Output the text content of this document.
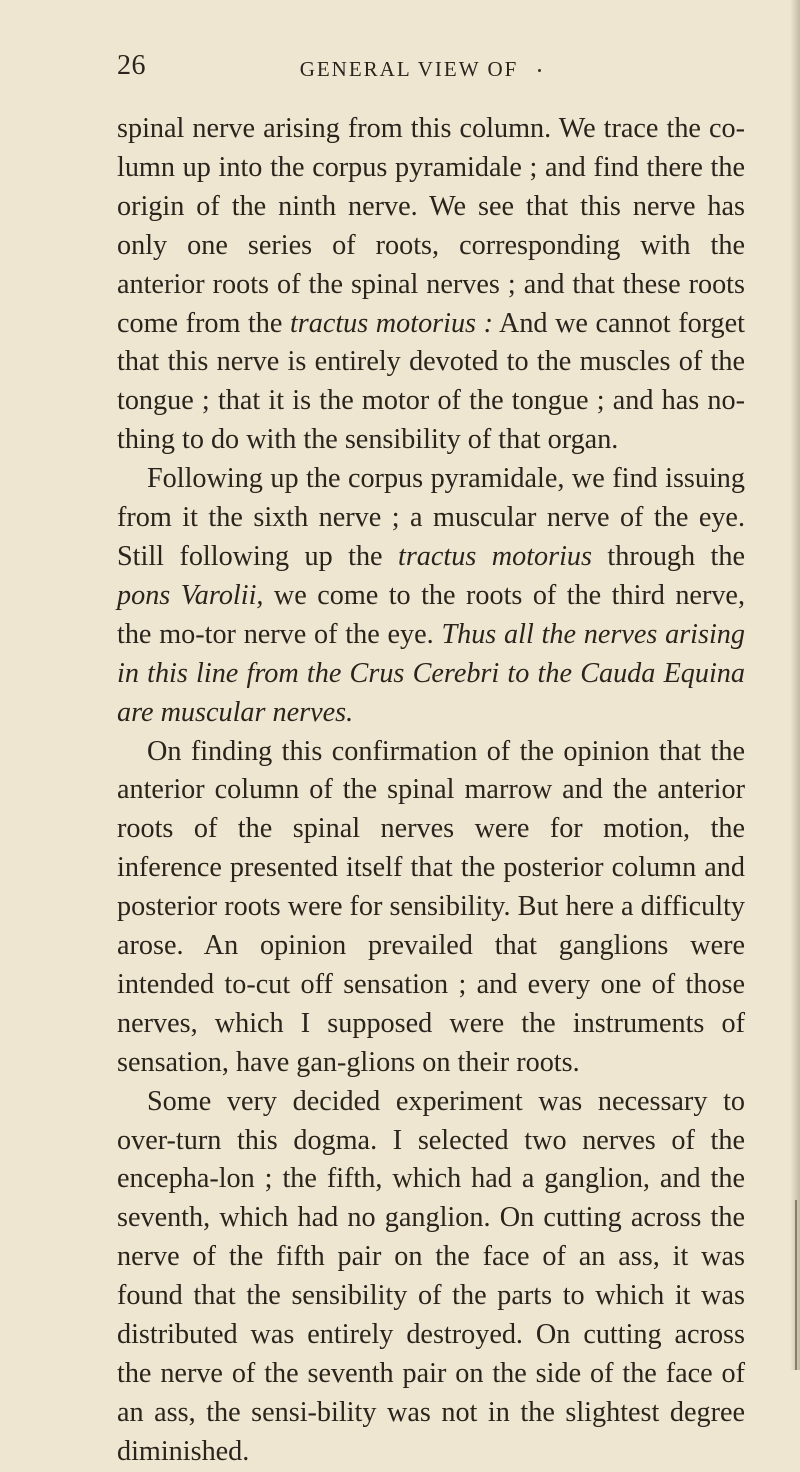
26	GENERAL VIEW OF

spinal nerve arising from this column. We trace the co-lumn up into the corpus pyramidale ; and find there the origin of the ninth nerve. We see that this nerve has only one series of roots, corresponding with the anterior roots of the spinal nerves ; and that these roots come from the tractus motorius : And we cannot forget that this nerve is entirely devoted to the muscles of the tongue ; that it is the motor of the tongue ; and has no-thing to do with the sensibility of that organ.

Following up the corpus pyramidale, we find issuing from it the sixth nerve ; a muscular nerve of the eye. Still following up the tractus motorius through the pons Varolii, we come to the roots of the third nerve, the mo-tor nerve of the eye. Thus all the nerves arising in this line from the Crus Cerebri to the Cauda Equina are muscular nerves.

On finding this confirmation of the opinion that the anterior column of the spinal marrow and the anterior roots of the spinal nerves were for motion, the inference presented itself that the posterior column and posterior roots were for sensibility. But here a difficulty arose. An opinion prevailed that ganglions were intended to-cut off sensation ; and every one of those nerves, which I supposed were the instruments of sensation, have gan-glions on their roots.

Some very decided experiment was necessary to over-turn this dogma. I selected two nerves of the encepha-lon ; the fifth, which had a ganglion, and the seventh, which had no ganglion. On cutting across the nerve of the fifth pair on the face of an ass, it was found that the sensibility of the parts to which it was distributed was entirely destroyed. On cutting across the nerve of the seventh pair on the side of the face of an ass, the sensi-bility was not in the slightest degree diminished.
